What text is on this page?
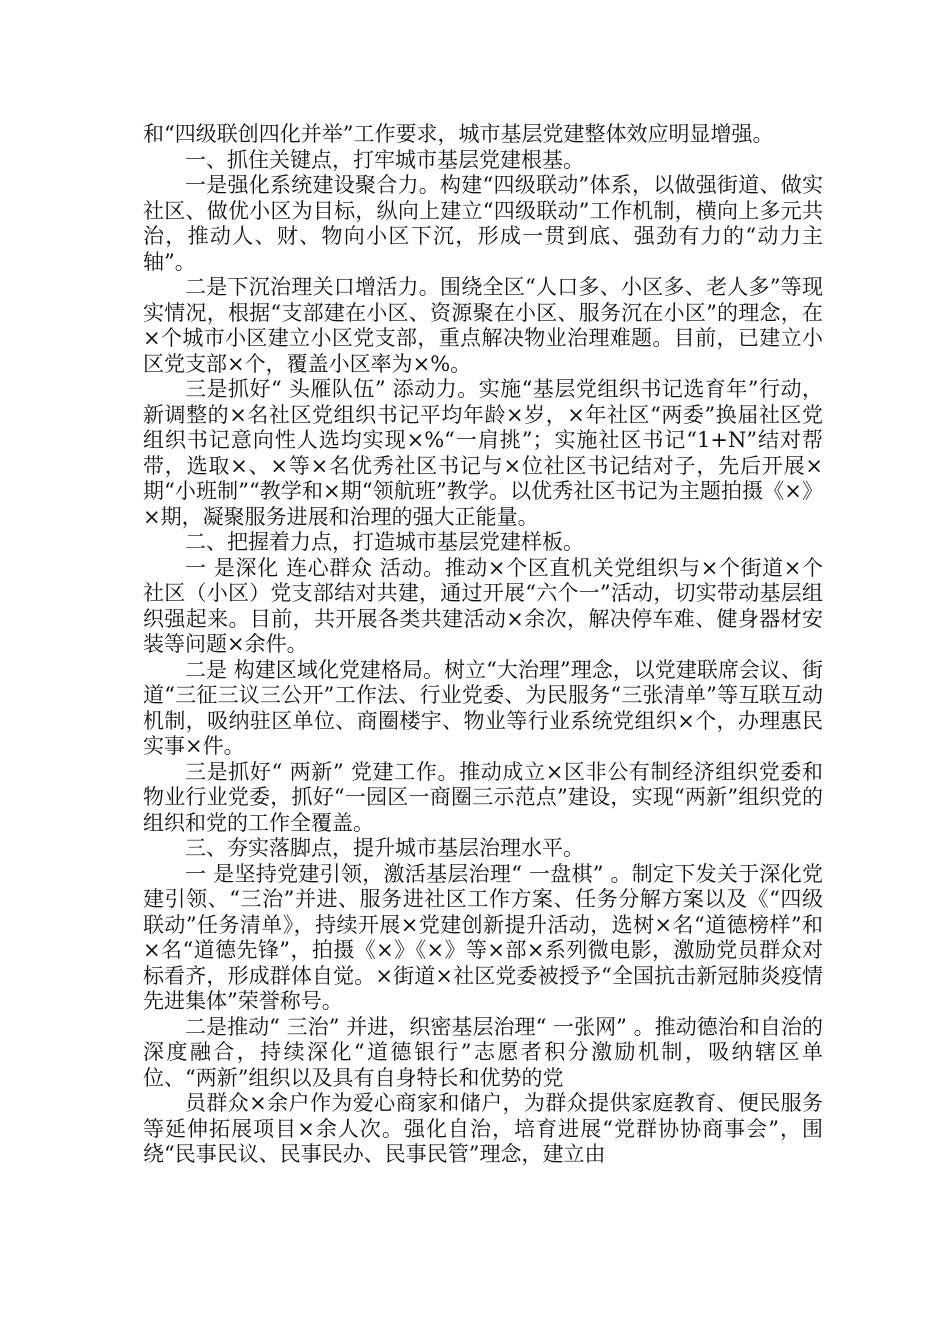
和“四级联创四化并举”工作要求，城市基层党建整体效应明显增强。

一、抓住关键点，打牢城市基层党建根基。

一是强化系统建设聚合力。构建“四级联动”体系，以做强街道、做实社区、做优小区为目标，纵向上建立“四级联动”工作机制，横向上多元共治，推动人、财、物向小区下沉，形成一贯到底、强劲有力的“动力主轴”。

二是下沉治理关口增活力。围绕全区“人口多、小区多、老人多”等现实情况，根据“支部建在小区、资源聚在小区、服务沉在小区”的理念，在×个城市小区建立小区党支部，重点解决物业治理难题。目前，已建立小区党支部×个，覆盖小区率为×%。

三是抓好“ 头雁队伍” 添动力。实施“基层党组织书记选育年”行动，新调整的×名社区党组织书记平均年龄×岁，×年社区“两委”换届社区党组织书记意向性人选均实现×%“一肩挑”；实施社区书记“1+N”结对帮带，选取×、×等×名优秀社区书记与×位社区书记结对子，先后开展×期“小班制”“教学和×期“领航班”教学。以优秀社区书记为主题拍摄《×》×期，凝聚服务进展和治理的强大正能量。

二、把握着力点，打造城市基层党建样板。

一 是深化 连心群众 活动。推动×个区直机关党组织与×个街道×个社区（小区）党支部结对共建，通过开展“六个一”活动，切实带动基层组织强起来。目前，共开展各类共建活动×余次，解决停车难、健身器材安装等问题×余件。

二是 构建区域化党建格局。树立“大治理”理念，以党建联席会议、街道“三征三议三公开”工作法、行业党委、为民服务“三张清单”等互联互动机制，吸纳驻区单位、商圈楼宇、物业等行业系统党组织×个，办理惠民实事×件。

三是抓好“ 两新” 党建工作。推动成立×区非公有制经济组织党委和物业行业党委，抓好“一园区一商圈三示范点”建设，实现“两新”组织党的组织和党的工作全覆盖。

三、夯实落脚点，提升城市基层治理水平。

一 是坚持党建引领，激活基层治理“ 一盘棋” 。制定下发关于深化党建引领、“三治”并进、服务进社区工作方案、任务分解方案以及《“四级联动”任务清单》，持续开展×党建创新提升活动，选树×名“道德榜样”和×名“道德先锋”，拍摄《×》《×》等×部×系列微电影，激励党员群众对标看齐，形成群体自觉。×街道×社区党委被授予“全国抗击新冠肺炎疫情先进集体”荣誉称号。

二是推动“ 三治” 并进，织密基层治理“ 一张网” 。推动德治和自治的深度融合，持续深化“道德银行”志愿者积分激励机制，吸纳辖区单位、“两新”组织以及具有自身特长和优势的党

员群众×余户作为爱心商家和储户，为群众提供家庭教育、便民服务等延伸拓展项目×余人次。强化自治，培育进展“党群协协商事会”，围绕“民事民议、民事民办、民事民管”理念，建立由
